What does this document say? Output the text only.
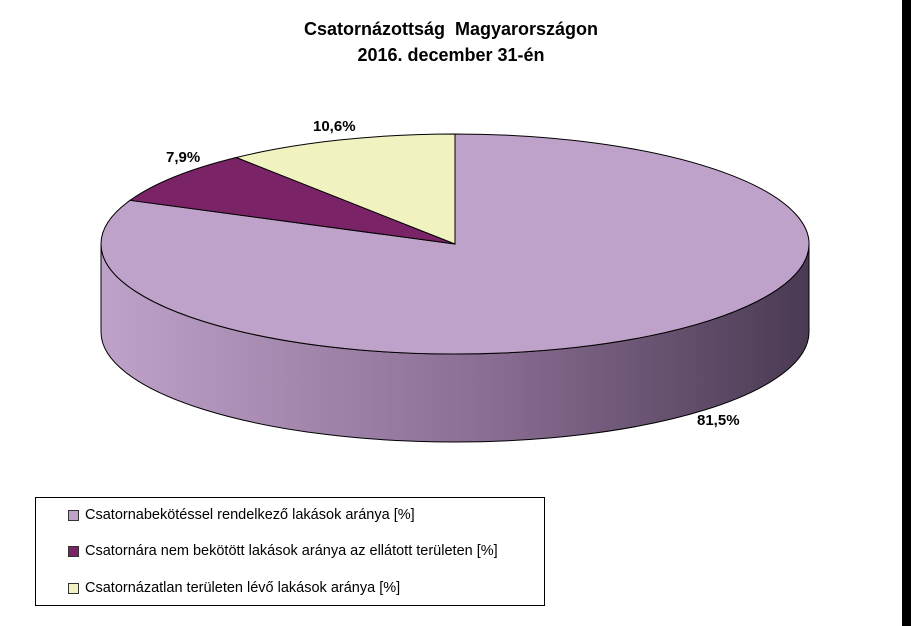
Csatornázottság  Magyarországon
2016. december 31-én
81,5%
7,9%
10,6%
Csatornabekötéssel rendelkező lakások aránya [%]
Csatornára nem bekötött lakások aránya az ellátott területen [%]
Csatornázatlan területen lévő lakások aránya [%]
